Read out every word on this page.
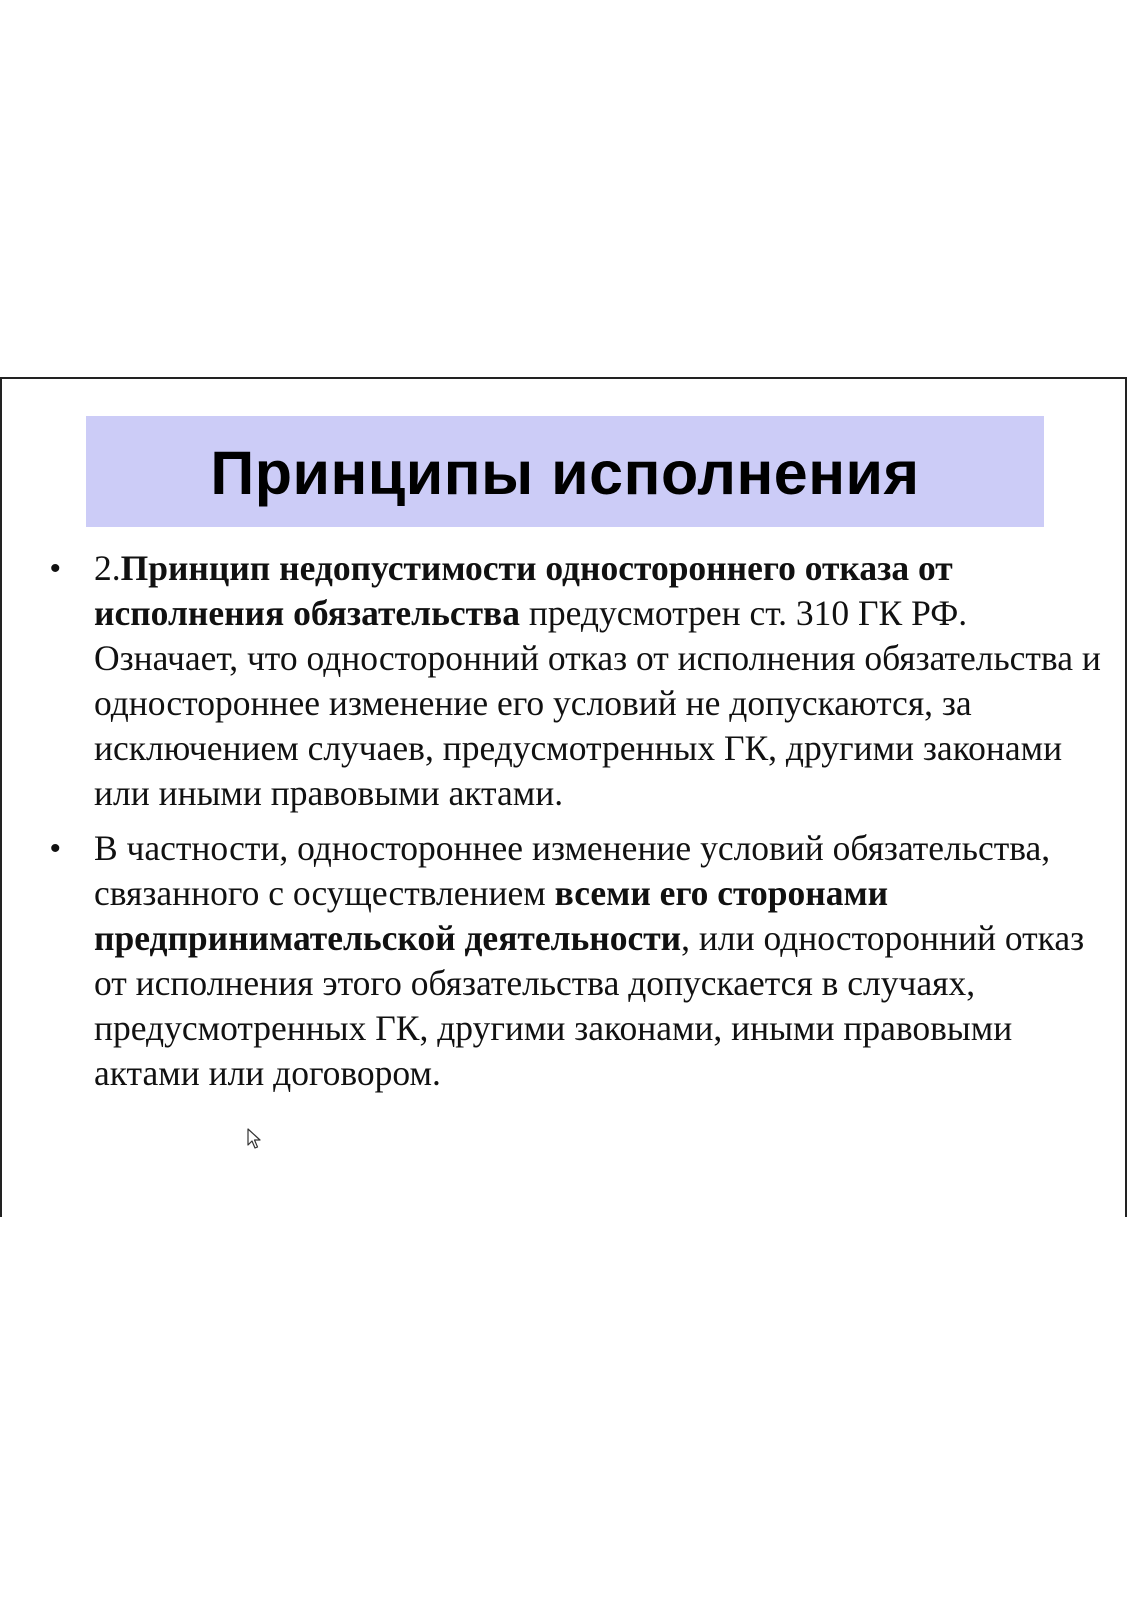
Принципы исполнения
• 2.Принцип недопустимости одностороннего отказа от исполнения обязательства предусмотрен ст. 310 ГК РФ. Означает, что односторонний отказ от исполнения обязательства и одностороннее изменение его условий не допускаются, за исключением случаев, предусмотренных ГК, другими законами или иными правовыми актами.
• В частности, одностороннее изменение условий обязательства, связанного с осуществлением всеми его сторонами предпринимательской деятельности, или односторонний отказ от исполнения этого обязательства допускается в случаях, предусмотренных ГК, другими законами, иными правовыми актами или договором.
